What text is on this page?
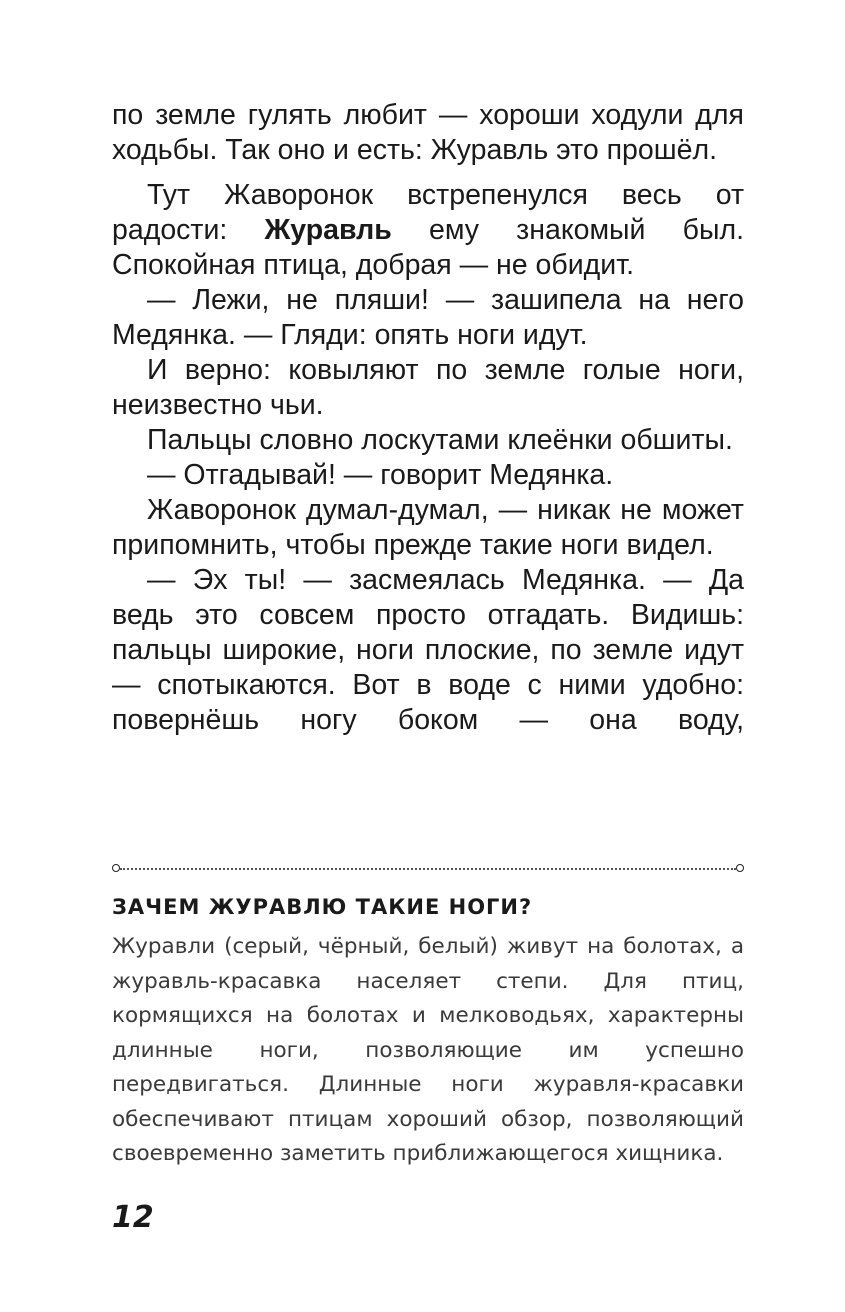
по земле гулять любит — хороши ходули для ходьбы. Так оно и есть: Журавль это прошёл.

Тут Жаворонок встрепенулся весь от радости: Журавль ему знакомый был. Спокойная птица, добрая — не обидит.

— Лежи, не пляши! — зашипела на него Медянка. — Гляди: опять ноги идут.

И верно: ковыляют по земле голые ноги, неизвестно чьи.

Пальцы словно лоскутами клеёнки обшиты.

— Отгадывай! — говорит Медянка.

Жаворонок думал-думал, — никак не может припомнить, чтобы прежде такие ноги видел.

— Эх ты! — засмеялась Медянка. — Да ведь это совсем просто отгадать. Видишь: пальцы широкие, ноги плоские, по земле идут — спотыкаются. Вот в воде с ними удобно: повернёшь ногу боком — она воду,

ЗАЧЕМ ЖУРАВЛЮ ТАКИЕ НОГИ?

Журавли (серый, чёрный, белый) живут на болотах, а журавль-красавка населяет степи. Для птиц, кормящихся на болотах и мелководьях, характерны длинные ноги, позволяющие им успешно передвигаться. Длинные ноги журавля-красавки обеспечивают птицам хороший обзор, позволяющий своевременно заметить приближающегося хищника.

12
